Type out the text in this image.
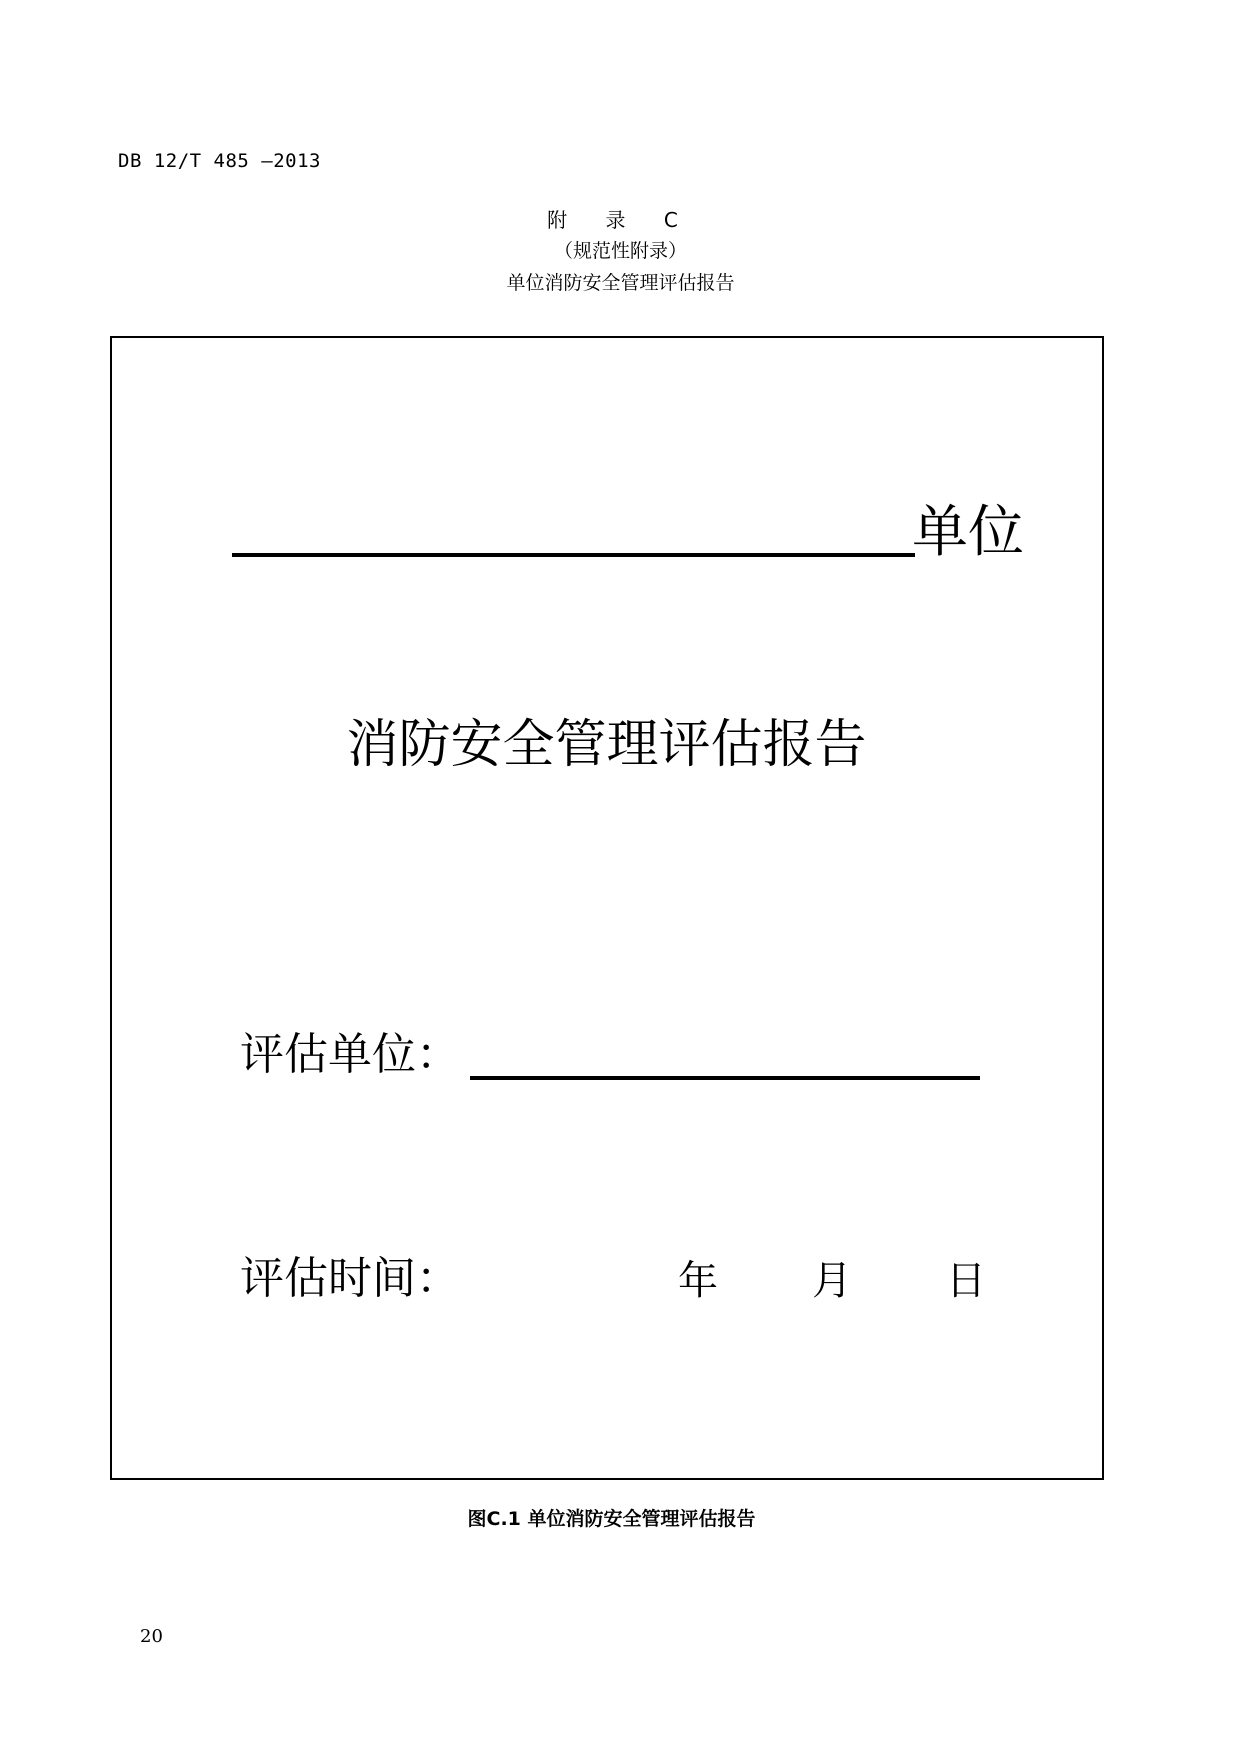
DB 12/T 485 —2013
附 录 C
（规范性附录）
单位消防安全管理评估报告
单位
消防安全管理评估报告
评估单位：
评估时间：	年 月 日
图C.1 单位消防安全管理评估报告
20
